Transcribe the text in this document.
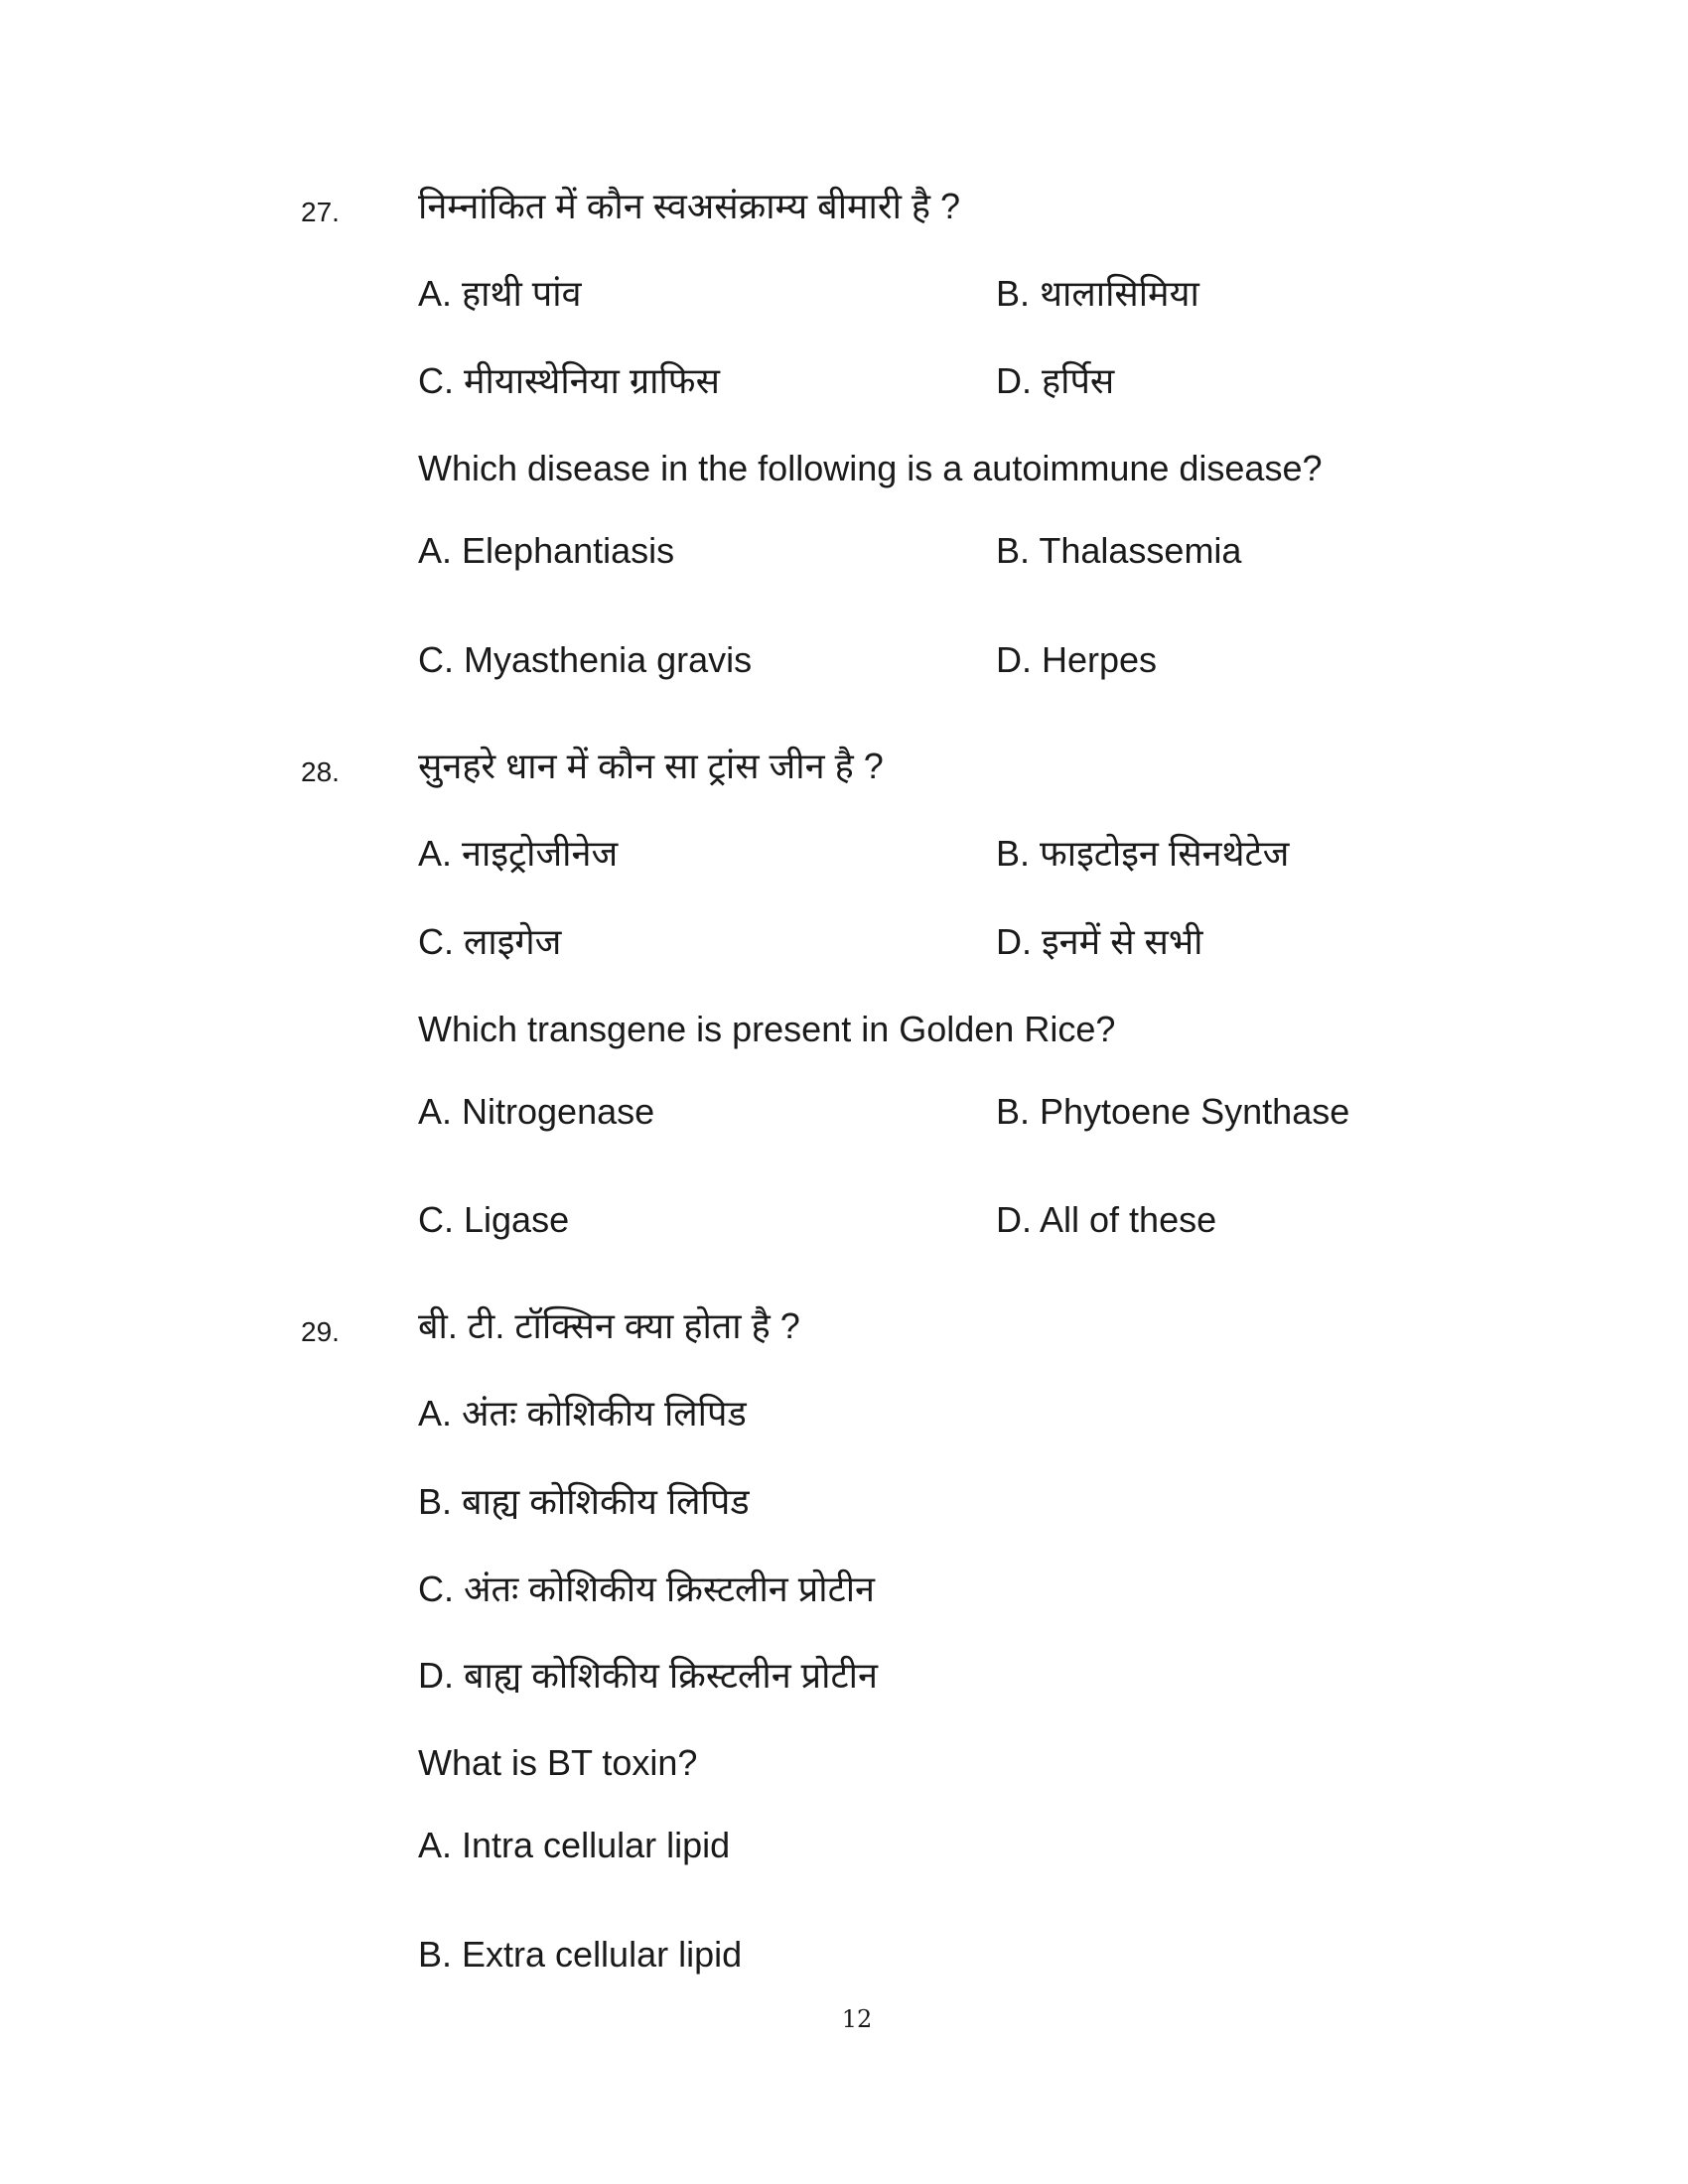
27. निम्नांकित में कौन स्वअसंक्राम्य बीमारी है ?
A. हाथी पांव	B. थालासिमिया
C. मीयास्थेनिया ग्राफिस	D. हर्पिस
Which disease in the following is a autoimmune disease?
A. Elephantiasis	B. Thalassemia
C. Myasthenia gravis	D. Herpes
28. सुनहरे धान में कौन सा ट्रांस जीन है ?
A. नाइट्रोजीनेज	B. फाइटोइन सिनथेटेज
C. लाइगेज	D. इनमें से सभी
Which transgene is present in Golden Rice?
A. Nitrogenase	B. Phytoene Synthase
C. Ligase	D. All of these
29. बी. टी. टॉक्सिन क्या होता है ?
A. अंतः कोशिकीय लिपिड
B. बाह्य कोशिकीय लिपिड
C. अंतः कोशिकीय क्रिस्टलीन प्रोटीन
D. बाह्य कोशिकीय क्रिस्टलीन प्रोटीन
What is BT toxin?
A. Intra cellular lipid
B. Extra cellular lipid
12
